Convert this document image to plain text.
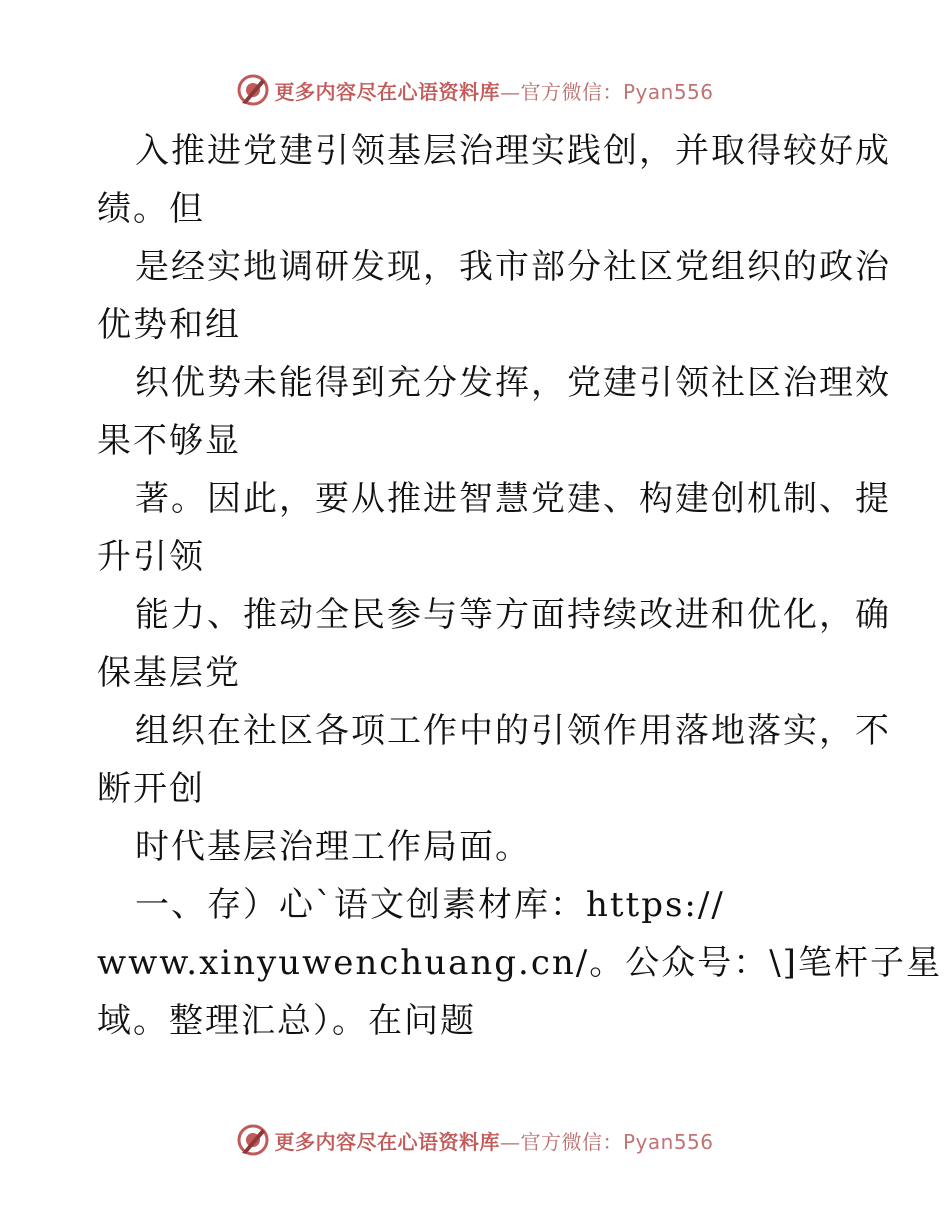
更多内容尽在心语资料库—官方微信：Pyan556
入推进党建引领基层治理实践创，并取得较好成
绩。但
是经实地调研发现，我市部分社区党组织的政治
优势和组
织优势未能得到充分发挥，党建引领社区治理效
果不够显
著。因此，要从推进智慧党建、构建创机制、提
升引领
能力、推动全民参与等方面持续改进和优化，确
保基层党
组织在社区各项工作中的引领作用落地落实，不
断开创
时代基层治理工作局面。
一、存）心`语文创素材库：https://
www.xinyuwenchuang.cn/。公众号：\]笔杆子星
域。整理汇总）。在问题
更多内容尽在心语资料库—官方微信：Pyan556
